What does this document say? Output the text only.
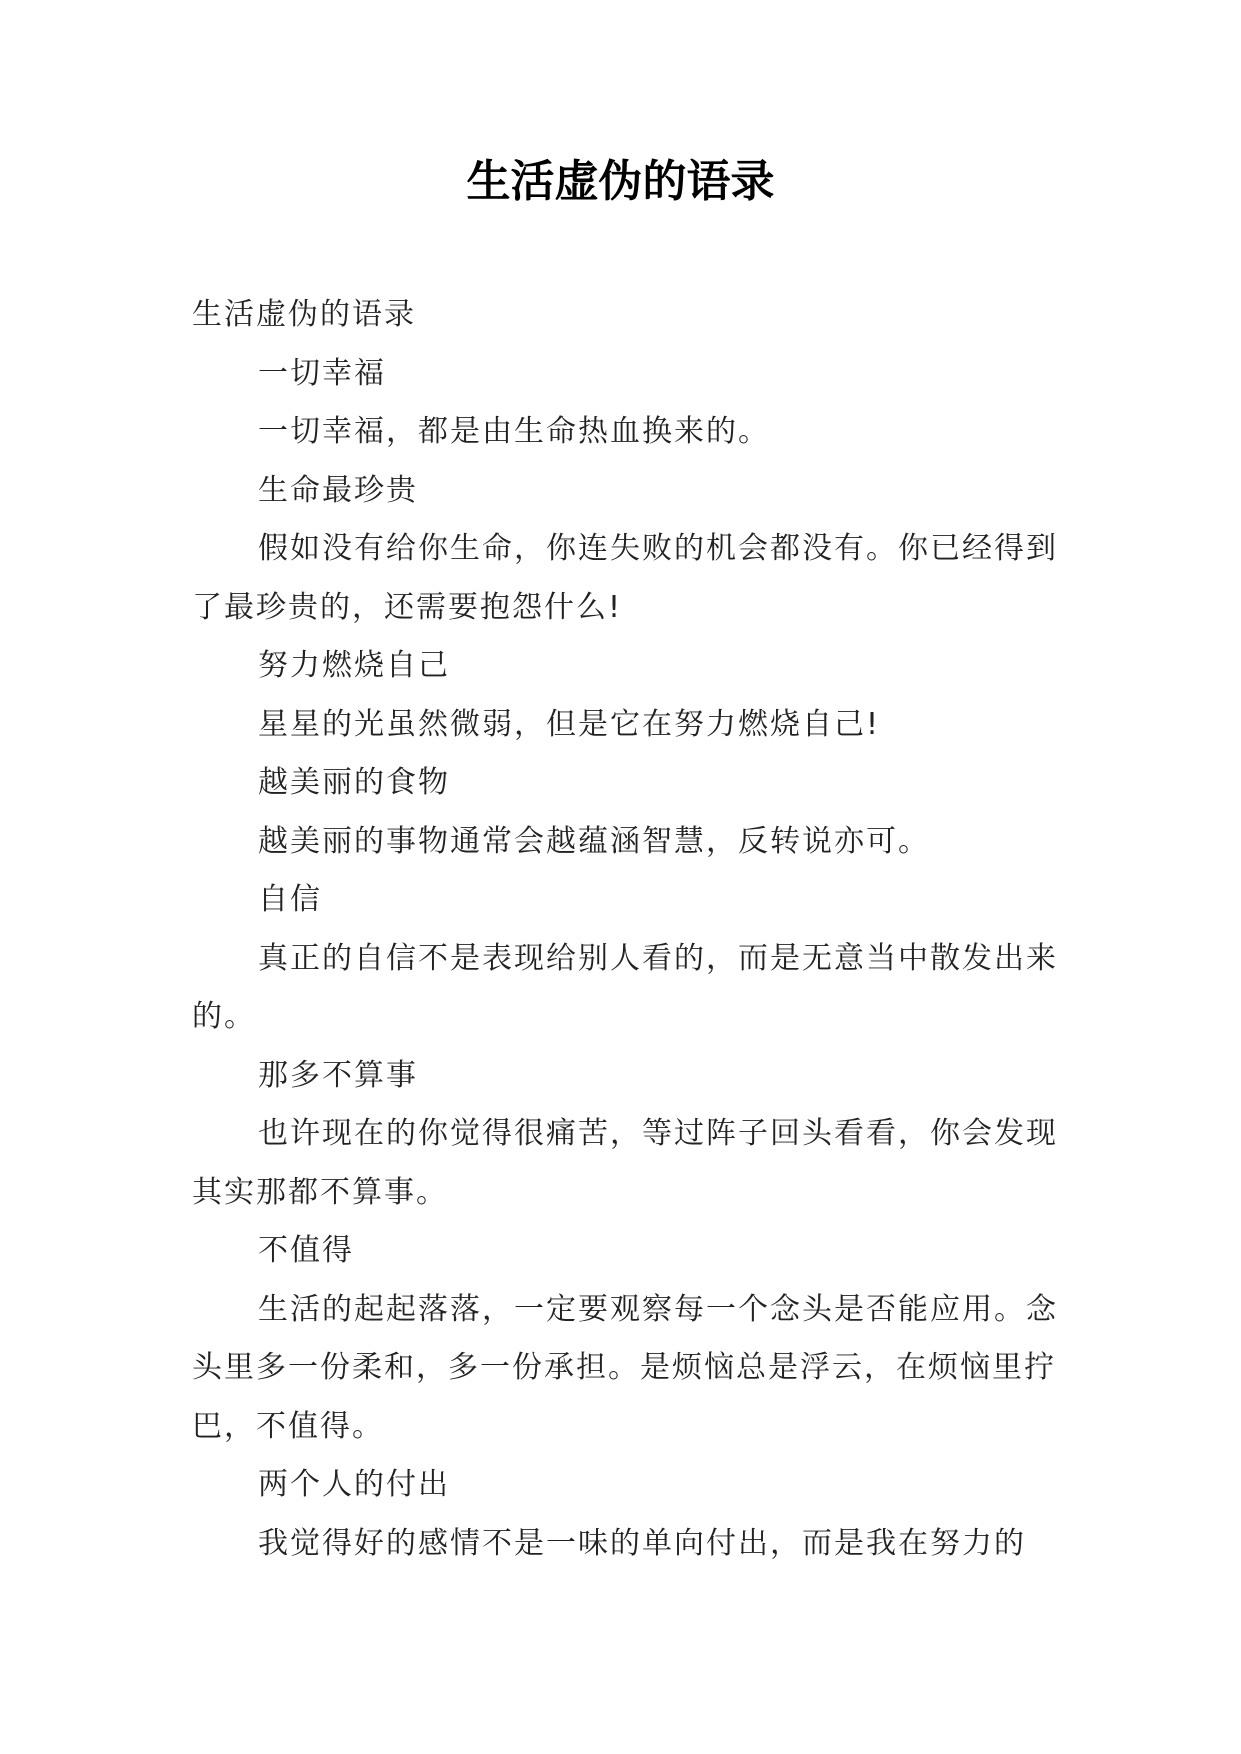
生活虚伪的语录

生活虚伪的语录

一切幸福

一切幸福，都是由生命热血换来的。

生命最珍贵

假如没有给你生命，你连失败的机会都没有。你已经得到了最珍贵的，还需要抱怨什么!

努力燃烧自己

星星的光虽然微弱，但是它在努力燃烧自己!

越美丽的食物

越美丽的事物通常会越蕴涵智慧，反转说亦可。

自信

真正的自信不是表现给别人看的，而是无意当中散发出来的。

那多不算事

也许现在的你觉得很痛苦，等过阵子回头看看，你会发现其实那都不算事。

不值得

生活的起起落落，一定要观察每一个念头是否能应用。念头里多一份柔和，多一份承担。是烦恼总是浮云，在烦恼里拧巴，不值得。

两个人的付出

我觉得好的感情不是一味的单向付出，而是我在努力的
